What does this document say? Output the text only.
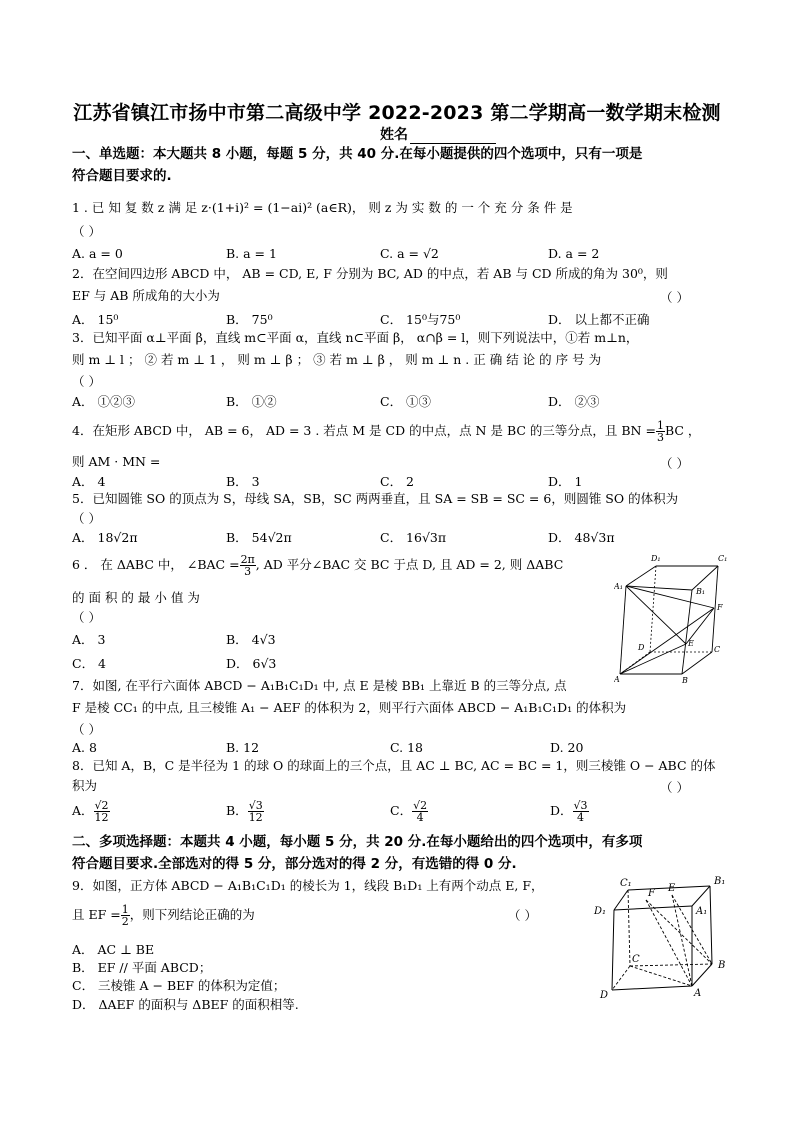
江苏省镇江市扬中市第二高级中学 2022-2023 第二学期高一数学期末检测
姓名
一、单选题：本大题共 8 小题，每题 5 分，共 40 分.在每小题提供的四个选项中，只有一项是
符合题目要求的.
1 . 已 知 复 数 z 满 足 z·(1+i)² = (1−ai)² (a∈R)， 则 z 为 实 数 的 一 个 充 分 条 件 是
（ ）
A. a = 0	B. a = 1	C. a = √2	D. a = 2
2．在空间四边形 ABCD 中， AB = CD, E, F 分别为 BC, AD 的中点，若 AB 与 CD 所成的角为 30⁰，则
EF 与 AB 所成角的大小为	（ ）
A． 15⁰	B． 75⁰	C． 15⁰与75⁰	D． 以上都不正确
3．已知平面 α⊥平面 β，直线 m⊂平面 α，直线 n⊂平面 β， α∩β = l，则下列说法中，①若 m⊥n，
则 m ⊥ l ； ② 若 m ⊥ 1 ， 则 m ⊥ β ； ③ 若 m ⊥ β ， 则 m ⊥ n . 正 确 结 论 的 序 号 为
（ ）
A． ①②③	B． ①②	C． ①③	D． ②③
4．在矩形 ABCD 中， AB = 6， AD = 3 . 若点 M 是 CD 的中点，点 N 是 BC 的三等分点，且 BN = $\frac{1}{3}$ BC ，
则 AM · MN =	（ ）
A． 4	B． 3	C． 2	D． 1
5．已知圆锥 SO 的顶点为 S，母线 SA，SB，SC 两两垂直，且 SA = SB = SC = 6，则圆锥 SO 的体积为
（ ）
A． 18√2π	B． 54√2π	C． 16√3π	D． 48√3π
6 ． 在 ΔABC 中， ∠BAC = $\frac{2\pi}{3}$ , AD 平分∠BAC 交 BC 于点 D, 且 AD = 2, 则 ΔABC
的 面 积 的 最 小 值 为
（ ）
A． 3	B． 4√3
C． 4	D． 6√3
D₁	C₁
A₁
B₁
F
E
D	C
A	B
7．如图, 在平行六面体 ABCD − A₁B₁C₁D₁ 中, 点 E 是棱 BB₁ 上靠近 B 的三等分点, 点
F 是棱 CC₁ 的中点, 且三棱锥 A₁ − AEF 的体积为 2，则平行六面体 ABCD − A₁B₁C₁D₁ 的体积为
（ ）
A. 8	B. 12	C. 18	D. 20
8．已知 A，B，C 是半径为 1 的球 O 的球面上的三个点，且 AC ⊥ BC, AC = BC = 1，则三棱锥 O − ABC 的体
积为	（ ）
A． $\frac{√2}{12}$	B． $\frac{√3}{12}$	C． $\frac{√2}{4}$	D． $\frac{√3}{4}$
二、多项选择题：本题共 4 小题，每小题 5 分，共 20 分.在每小题给出的四个选项中，有多项
符合题目要求.全部选对的得 5 分，部分选对的得 2 分，有选错的得 0 分.
9．如图，正方体 ABCD − A₁B₁C₁D₁ 的棱长为 1，线段 B₁D₁ 上有两个动点 E, F，
且 EF = $\frac{1}{2}$ ，则下列结论正确的为	（ ）
A． AC ⊥ BE
B． EF // 平面 ABCD；
C． 三棱锥 A − BEF 的体积为定值；
D． ΔAEF 的面积与 ΔBEF 的面积相等.
C₁
F E
B₁
D₁	A₁
C
B
D	A
